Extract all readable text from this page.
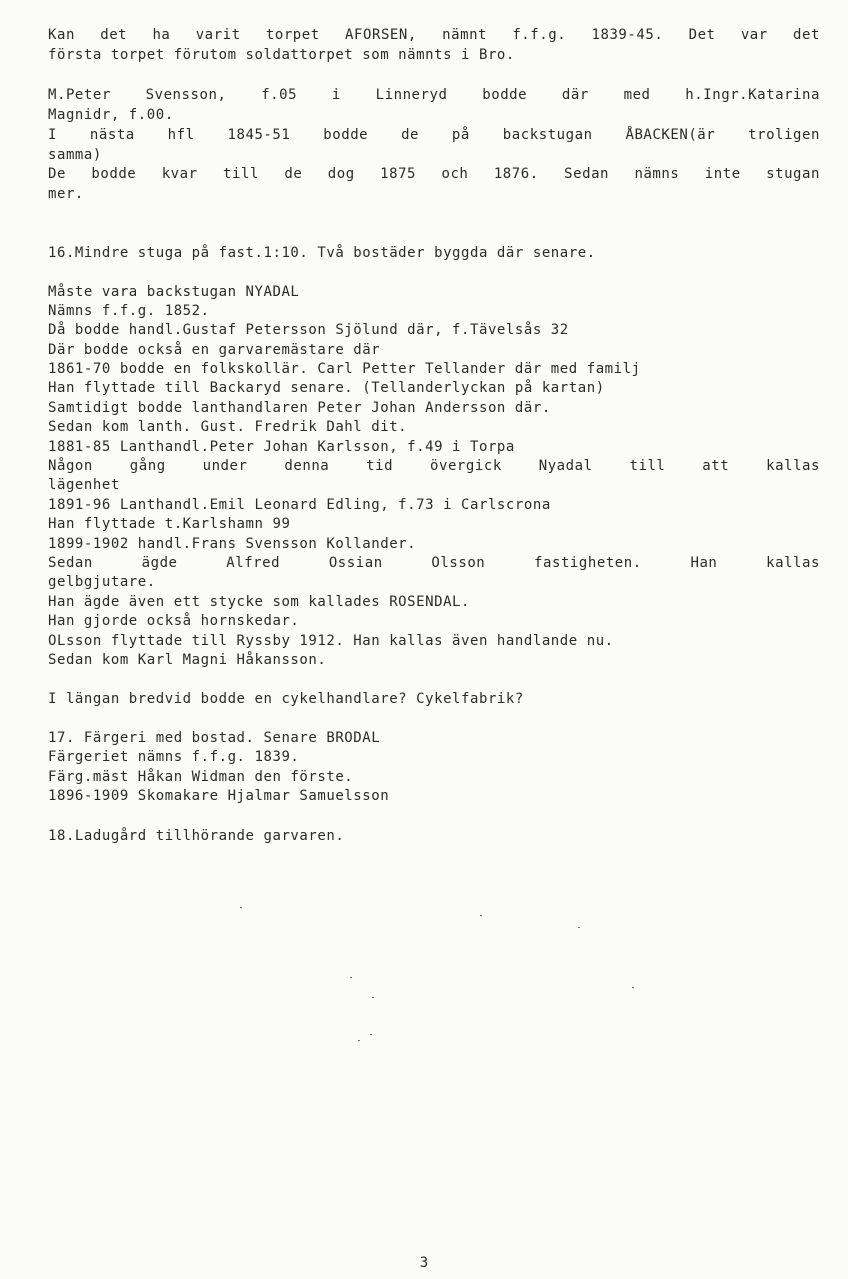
Kan det ha varit torpet AFORSEN, nämnt f.f.g. 1839-45. Det var det
första torpet förutom soldattorpet som nämnts i Bro.
M.Peter Svensson, f.05 i Linneryd bodde där med h.Ingr.Katarina
Magnidr, f.00.
I nästa hfl 1845-51 bodde de på backstugan ÅBACKEN(är troligen
samma)
De bodde kvar till de dog 1875 och 1876. Sedan nämns inte stugan
mer.
16.Mindre stuga på fast.1:10. Två bostäder byggda där senare.
Måste vara backstugan NYADAL
Nämns f.f.g. 1852.
Då bodde handl.Gustaf Petersson Sjölund där, f.Tävelsås 32
Där bodde också en garvaremästare där
1861-70 bodde en folkskollär. Carl Petter Tellander där med familj
Han flyttade till Backaryd senare. (Tellanderlyckan på kartan)
Samtidigt bodde lanthandlaren Peter Johan Andersson där.
Sedan kom lanth. Gust. Fredrik Dahl dit.
1881-85 Lanthandl.Peter Johan Karlsson, f.49 i Torpa
Någon gång under denna tid övergick Nyadal till att kallas
lägenhet
1891-96 Lanthandl.Emil Leonard Edling, f.73 i Carlscrona
Han flyttade t.Karlshamn 99
1899-1902 handl.Frans Svensson Kollander.
Sedan ägde Alfred Ossian Olsson fastigheten. Han kallas
gelbgjutare.
Han ägde även ett stycke som kallades ROSENDAL.
Han gjorde också hornskedar.
OLsson flyttade till Ryssby 1912. Han kallas även handlande nu.
Sedan kom Karl Magni Håkansson.
I längan bredvid bodde en cykelhandlare? Cykelfabrik?
17. Färgeri med bostad. Senare BRODAL
Färgeriet nämns f.f.g. 1839.
Färg.mäst Håkan Widman den förste.
1896-1909 Skomakare Hjalmar Samuelsson
18.Ladugård tillhörande garvaren.
3
